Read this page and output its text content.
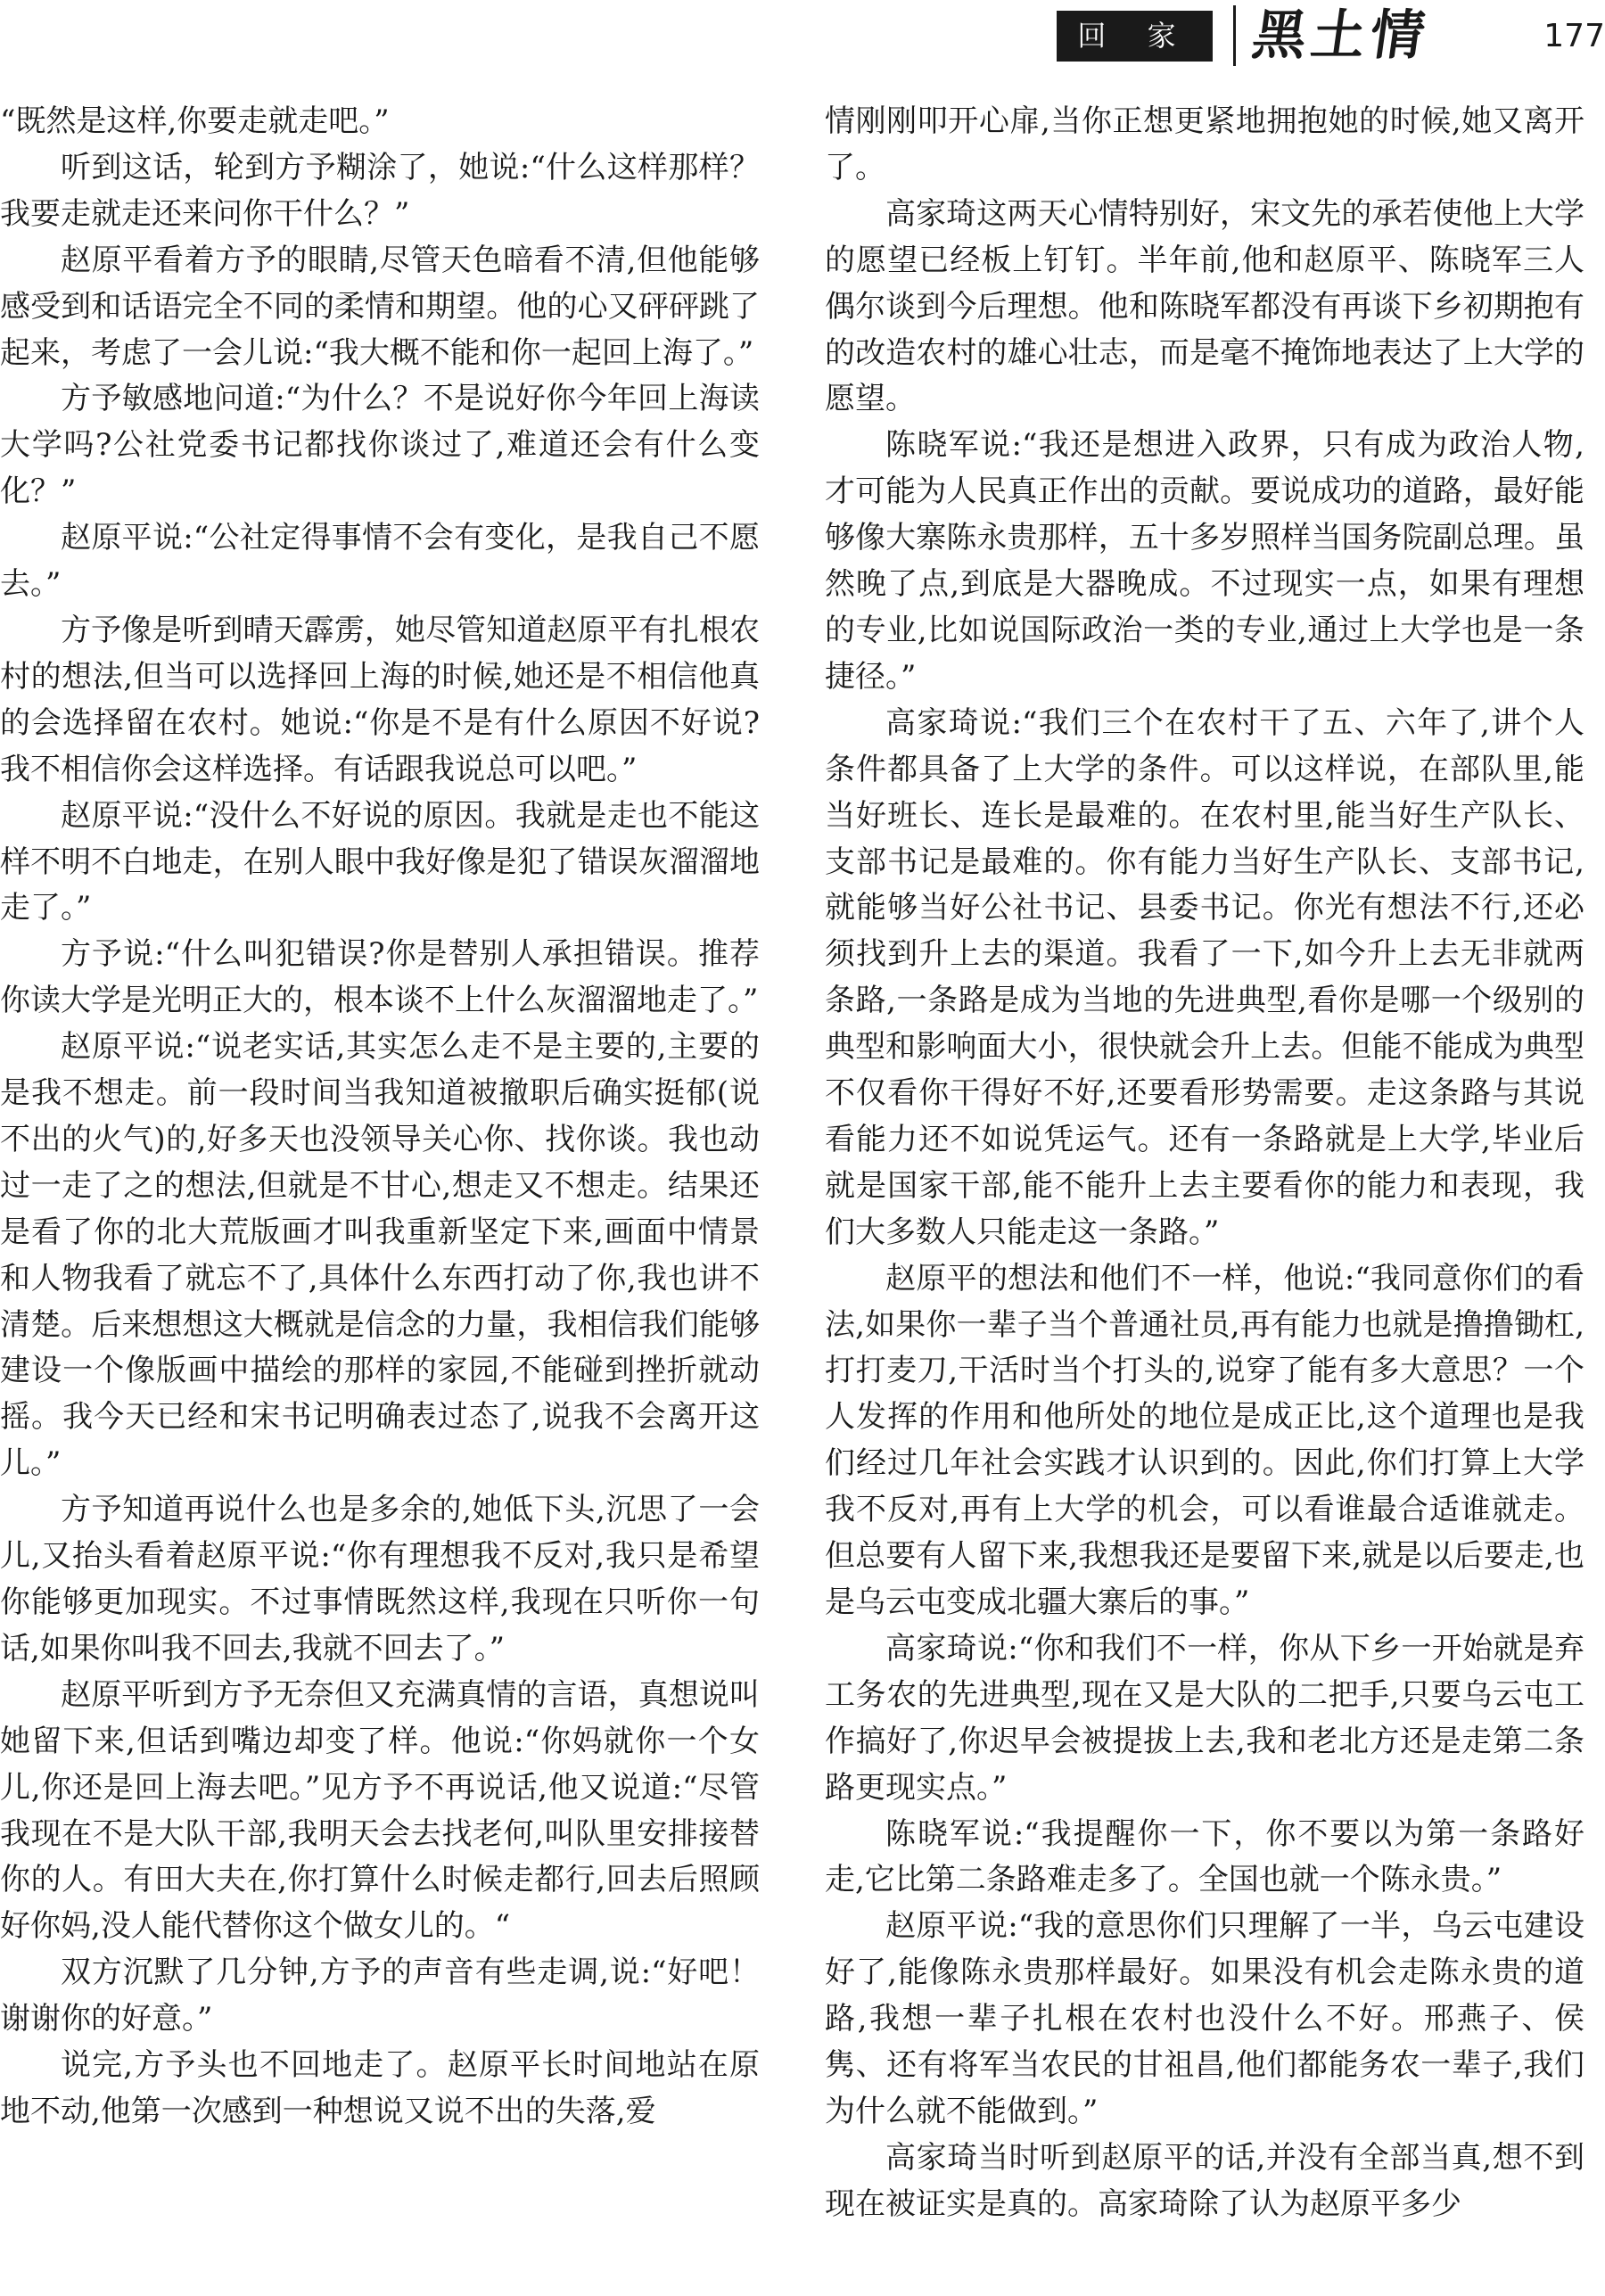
回 家	黑土情	177

“既然是这样,你要走就走吧。”

听到这话，轮到方予糊涂了，她说:“什么这样那样？我要走就走还来问你干什么？”

赵原平看着方予的眼睛,尽管天色暗看不清,但他能够感受到和话语完全不同的柔情和期望。他的心又砰砰跳了起来，考虑了一会儿说:“我大概不能和你一起回上海了。”

方予敏感地问道:“为什么？不是说好你今年回上海读大学吗?公社党委书记都找你谈过了,难道还会有什么变化？”

赵原平说:“公社定得事情不会有变化，是我自己不愿去。”

方予像是听到晴天霹雳，她尽管知道赵原平有扎根农村的想法,但当可以选择回上海的时候,她还是不相信他真的会选择留在农村。她说:“你是不是有什么原因不好说?我不相信你会这样选择。有话跟我说总可以吧。”

赵原平说:“没什么不好说的原因。我就是走也不能这样不明不白地走，在别人眼中我好像是犯了错误灰溜溜地走了。”

方予说:“什么叫犯错误?你是替别人承担错误。推荐你读大学是光明正大的，根本谈不上什么灰溜溜地走了。”

赵原平说:“说老实话,其实怎么走不是主要的,主要的是我不想走。前一段时间当我知道被撤职后确实挺郁(说不出的火气)的,好多天也没领导关心你、找你谈。我也动过一走了之的想法,但就是不甘心,想走又不想走。结果还是看了你的北大荒版画才叫我重新坚定下来,画面中情景和人物我看了就忘不了,具体什么东西打动了你,我也讲不清楚。后来想想这大概就是信念的力量，我相信我们能够建设一个像版画中描绘的那样的家园,不能碰到挫折就动摇。我今天已经和宋书记明确表过态了,说我不会离开这儿。”

方予知道再说什么也是多余的,她低下头,沉思了一会儿,又抬头看着赵原平说:“你有理想我不反对,我只是希望你能够更加现实。不过事情既然这样,我现在只听你一句话,如果你叫我不回去,我就不回去了。”

赵原平听到方予无奈但又充满真情的言语，真想说叫她留下来,但话到嘴边却变了样。他说:“你妈就你一个女儿,你还是回上海去吧。”见方予不再说话,他又说道:“尽管我现在不是大队干部,我明天会去找老何,叫队里安排接替你的人。有田大夫在,你打算什么时候走都行,回去后照顾好你妈,没人能代替你这个做女儿的。“

双方沉默了几分钟,方予的声音有些走调,说:“好吧！谢谢你的好意。”

说完,方予头也不回地走了。赵原平长时间地站在原地不动,他第一次感到一种想说又说不出的失落,爱

情刚刚叩开心扉,当你正想更紧地拥抱她的时候,她又离开了。

高家琦这两天心情特别好，宋文先的承若使他上大学的愿望已经板上钉钉。半年前,他和赵原平、陈晓军三人偶尔谈到今后理想。他和陈晓军都没有再谈下乡初期抱有的改造农村的雄心壮志，而是毫不掩饰地表达了上大学的愿望。

陈晓军说:“我还是想进入政界，只有成为政治人物,才可能为人民真正作出的贡献。要说成功的道路，最好能够像大寨陈永贵那样，五十多岁照样当国务院副总理。虽然晚了点,到底是大器晚成。不过现实一点，如果有理想的专业,比如说国际政治一类的专业,通过上大学也是一条捷径。”

高家琦说:“我们三个在农村干了五、六年了,讲个人条件都具备了上大学的条件。可以这样说，在部队里,能当好班长、连长是最难的。在农村里,能当好生产队长、支部书记是最难的。你有能力当好生产队长、支部书记,就能够当好公社书记、县委书记。你光有想法不行,还必须找到升上去的渠道。我看了一下,如今升上去无非就两条路,一条路是成为当地的先进典型,看你是哪一个级别的典型和影响面大小，很快就会升上去。但能不能成为典型不仅看你干得好不好,还要看形势需要。走这条路与其说看能力还不如说凭运气。还有一条路就是上大学,毕业后就是国家干部,能不能升上去主要看你的能力和表现，我们大多数人只能走这一条路。”

赵原平的想法和他们不一样，他说:“我同意你们的看法,如果你一辈子当个普通社员,再有能力也就是撸撸锄杠,打打麦刀,干活时当个打头的,说穿了能有多大意思？一个人发挥的作用和他所处的地位是成正比,这个道理也是我们经过几年社会实践才认识到的。因此,你们打算上大学我不反对,再有上大学的机会，可以看谁最合适谁就走。但总要有人留下来,我想我还是要留下来,就是以后要走,也是乌云屯变成北疆大寨后的事。”

高家琦说:“你和我们不一样，你从下乡一开始就是弃工务农的先进典型,现在又是大队的二把手,只要乌云屯工作搞好了,你迟早会被提拔上去,我和老北方还是走第二条路更现实点。”

陈晓军说:“我提醒你一下，你不要以为第一条路好走,它比第二条路难走多了。全国也就一个陈永贵。”

赵原平说:“我的意思你们只理解了一半，乌云屯建设好了,能像陈永贵那样最好。如果没有机会走陈永贵的道路,我想一辈子扎根在农村也没什么不好。邢燕子、侯隽、还有将军当农民的甘祖昌,他们都能务农一辈子,我们为什么就不能做到。”

高家琦当时听到赵原平的话,并没有全部当真,想不到现在被证实是真的。高家琦除了认为赵原平多少
